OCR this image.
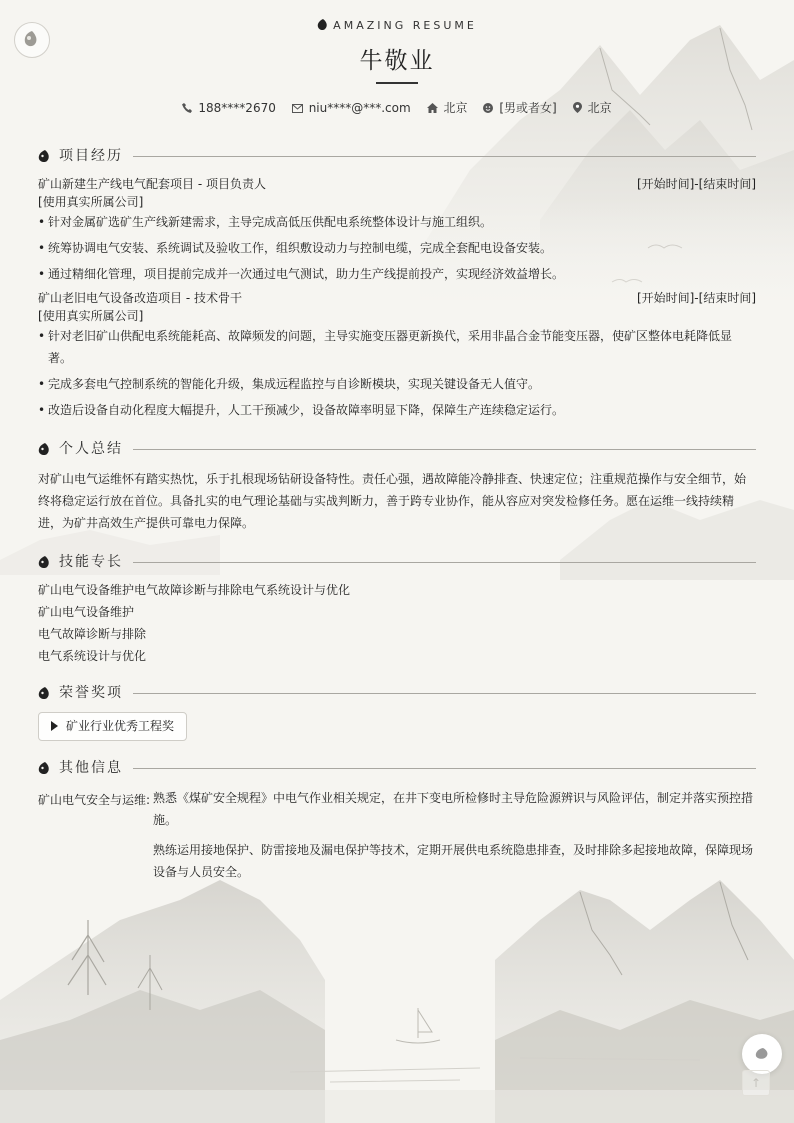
AMAZING RESUME
牛敬业
188****2670	niu****@***.com	北京	[男或者女]	北京
项目经历
矿山新建生产线电气配套项目 - 项目负责人	[开始时间]-[结束时间]
[使用真实所属公司]
• 针对金属矿选矿生产线新建需求，主导完成高低压供配电系统整体设计与施工组织。
• 统筹协调电气安装、系统调试及验收工作，组织敷设动力与控制电缆，完成全套配电设备安装。
• 通过精细化管理，项目提前完成并一次通过电气测试，助力生产线提前投产，实现经济效益增长。
矿山老旧电气设备改造项目 - 技术骨干	[开始时间]-[结束时间]
[使用真实所属公司]
• 针对老旧矿山供配电系统能耗高、故障频发的问题，主导实施变压器更新换代，采用非晶合金节能变压器，使矿区整体电耗降低显著。
• 完成多套电气控制系统的智能化升级，集成远程监控与自诊断模块，实现关键设备无人值守。
• 改造后设备自动化程度大幅提升，人工干预减少，设备故障率明显下降，保障生产连续稳定运行。
个人总结
对矿山电气运维怀有踏实热忱，乐于扎根现场钻研设备特性。责任心强，遇故障能冷静排查、快速定位；注重规范操作与安全细节，始终将稳定运行放在首位。具备扎实的电气理论基础与实战判断力，善于跨专业协作，能从容应对突发检修任务。愿在运维一线持续精进，为矿井高效生产提供可靠电力保障。
技能专长
矿山电气设备维护电气故障诊断与排除电气系统设计与优化
矿山电气设备维护
电气故障诊断与排除
电气系统设计与优化
荣誉奖项
矿业行业优秀工程奖
其他信息
矿山电气安全与运维: 熟悉《煤矿安全规程》中电气作业相关规定，在井下变电所检修时主导危险源辨识与风险评估，制定并落实预控措施。
熟练运用接地保护、防雷接地及漏电保护等技术，定期开展供电系统隐患排查，及时排除多起接地故障，保障现场设备与人员安全。
↑
